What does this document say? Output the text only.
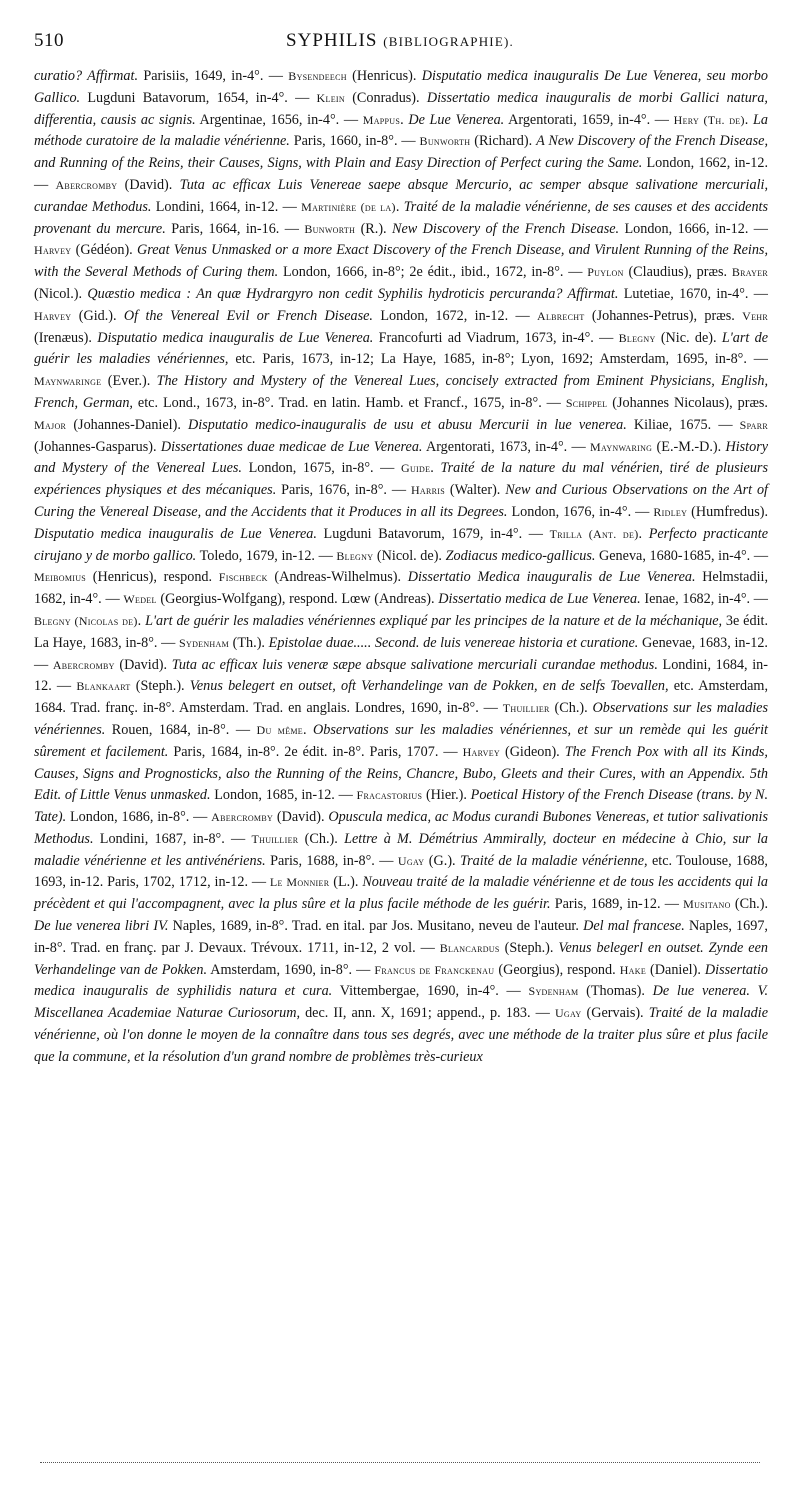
510	SYPHILIS (BIBLIOGRAPHIE).

curatio? Affirmat. Parisiis, 1649, in-4°. — Bysendeech (Henricus). Disputatio medica inauguralis De Lue Venerea, seu morbo Gallico. Lugduni Batavorum, 1654, in-4°. — Klein (Conradus). Dissertatio medica inauguralis de morbi Gallici natura, differentia, causis ac signis. Argentinae, 1656, in-4°. — Mappus. De Lue Venerea. Argentorati, 1659, in-4°. — Hery (Th. de). La méthode curatoire de la maladie vénérienne. Paris, 1660, in-8°. — Bunworth (Richard). A New Discovery of the French Disease, and Running of the Reins, their Causes, Signs, with Plain and Easy Direction of Perfect curing the Same. London, 1662, in-12. — Abercromby (David). Tuta ac efficax Luis Venereae saepe absque Mercurio, ac semper absque salivatione mercuriali, curandae Methodus. Londini, 1664, in-12. — Martinière (de la). Traité de la maladie vénérienne, de ses causes et des accidents provenant du mercure. Paris, 1664, in-16. — Bunworth (R.). New Discovery of the French Disease. London, 1666, in-12. — Harvey (Gédéon). Great Venus Unmasked or a more Exact Discovery of the French Disease, and Virulent Running of the Reins, with the Several Methods of Curing them. London, 1666, in-8°; 2e édit., ibid., 1672, in-8°. — Puylon (Claudius), præs. Brayer (Nicol.). Quæstio medica : An quæ Hydrargyro non cedit Syphilis hydroticis percuranda? Affirmat. Lutetiae, 1670, in-4°. — Harvey (Gid.). Of the Venereal Evil or French Disease. London, 1672, in-12. — Albrecht (Johannes-Petrus), præs. Vehr (Irenæus). Disputatio medica inauguralis de Lue Venerea. Francofurti ad Viadrum, 1673, in-4°. — Blegny (Nic. de). L'art de guérir les maladies vénériennes, etc. Paris, 1673, in-12; La Haye, 1685, in-8°; Lyon, 1692; Amsterdam, 1695, in-8°. — Maynwaringe (Ever.). The History and Mystery of the Venereal Lues, concisely extracted from Eminent Physicians, English, French, German, etc. Lond., 1673, in-8°. Trad. en latin. Hamb. et Francf., 1675, in-8°. — Schippel (Johannes Nicolaus), præs. Major (Johannes-Daniel). Disputatio medico-inauguralis de usu et abusu Mercurii in lue venerea. Kiliae, 1675. — Sparr (Johannes-Gasparus). Dissertationes duae medicae de Lue Venerea. Argentorati, 1673, in-4°. — Maynwaring (E.-M.-D.). History and Mystery of the Venereal Lues. London, 1675, in-8°. — Guide. Traité de la nature du mal vénérien, tiré de plusieurs expériences physiques et des mécaniques. Paris, 1676, in-8°. — Harris (Walter). New and Curious Observations on the Art of Curing the Venereal Disease, and the Accidents that it Produces in all its Degrees. London, 1676, in-4°. — Ridley (Humfredus). Disputatio medica inauguralis de Lue Venerea. Lugduni Batavorum, 1679, in-4°. — Trilla (Ant. de). Perfecto practicante cirujano y de morbo gallico. Toledo, 1679, in-12. — Blegny (Nicol. de). Zodiacus medico-gallicus. Geneva, 1680-1685, in-4°. — Meibomius (Henricus), respond. Fischbeck (Andreas-Wilhelmus). Dissertatio Medica inauguralis de Lue Venerea. Helmstadii, 1682, in-4°. — Wedel (Georgius-Wolfgang), respond. Lœw (Andreas). Dissertatio medica de Lue Venerea. Ienae, 1682, in-4°. — Blegny (Nicolas de). L'art de guérir les maladies vénériennes expliqué par les principes de la nature et de la méchanique, 3e édit. La Haye, 1683, in-8°. — Sydenham (Th.). Epistolae duae..... Second. de luis venereae historia et curatione. Genevae, 1683, in-12. — Abercromby (David). Tuta ac efficax luis veneræ sæpe absque salivatione mercuriali curandae methodus. Londini, 1684, in-12. — Blankaart (Steph.). Venus belegert en outset, oft Verhandelinge van de Pokken, en de selfs Toevallen, etc. Amsterdam, 1684. Trad. franç. in-8°. Amsterdam. Trad. en anglais. Londres, 1690, in-8°. — Thuillier (Ch.). Observations sur les maladies vénériennes. Rouen, 1684, in-8°. — Du même. Observations sur les maladies vénériennes, et sur un remède qui les guérit sûrement et facilement. Paris, 1684, in-8°. 2e édit. in-8°. Paris, 1707. — Harvey (Gideon). The French Pox with all its Kinds, Causes, Signs and Prognosticks, also the Running of the Reins, Chancre, Bubo, Gleets and their Cures, with an Appendix. 5th Edit. of Little Venus unmasked. London, 1685, in-12. — Fracastorius (Hier.). Poetical History of the French Disease (trans. by N. Tate). London, 1686, in-8°. — Abercromby (David). Opuscula medica, ac Modus curandi Bubones Venereas, et tutior salivationis Methodus. Londini, 1687, in-8°. — Thuillier (Ch.). Lettre à M. Démétrius Ammirally, docteur en médecine à Chio, sur la maladie vénérienne et les antivénériens. Paris, 1688, in-8°. — Ugay (G.). Traité de la maladie vénérienne, etc. Toulouse, 1688, 1693, in-12. Paris, 1702, 1712, in-12. — Le Monnier (L.). Nouveau traité de la maladie vénérienne et de tous les accidents qui la précèdent et qui l'accompagnent, avec la plus sûre et la plus facile méthode de les guérir. Paris, 1689, in-12. — Musitano (Ch.). De lue venerea libri IV. Naples, 1689, in-8°. Trad. en ital. par Jos. Musitano, neveu de l'auteur. Del mal francese. Naples, 1697, in-8°. Trad. en franç. par J. Devaux. Trévoux. 1711, in-12, 2 vol. — Blancardus (Steph.). Venus belegerl en outset. Zynde een Verhandelinge van de Pokken. Amsterdam, 1690, in-8°. — Francus de Franckenau (Georgius), respond. Hake (Daniel). Dissertatio medica inauguralis de syphilidis natura et cura. Vittembergae, 1690, in-4°. — Sydenham (Thomas). De lue venerea. V. Miscellanea Academiae Naturae Curiosorum, dec. II, ann. X, 1691; append., p. 183. — Ugay (Gervais). Traité de la maladie vénérienne, où l'on donne le moyen de la connaître dans tous ses degrés, avec une méthode de la traiter plus sûre et plus facile que la commune, et la résolution d'un grand nombre de problèmes très-curieux
